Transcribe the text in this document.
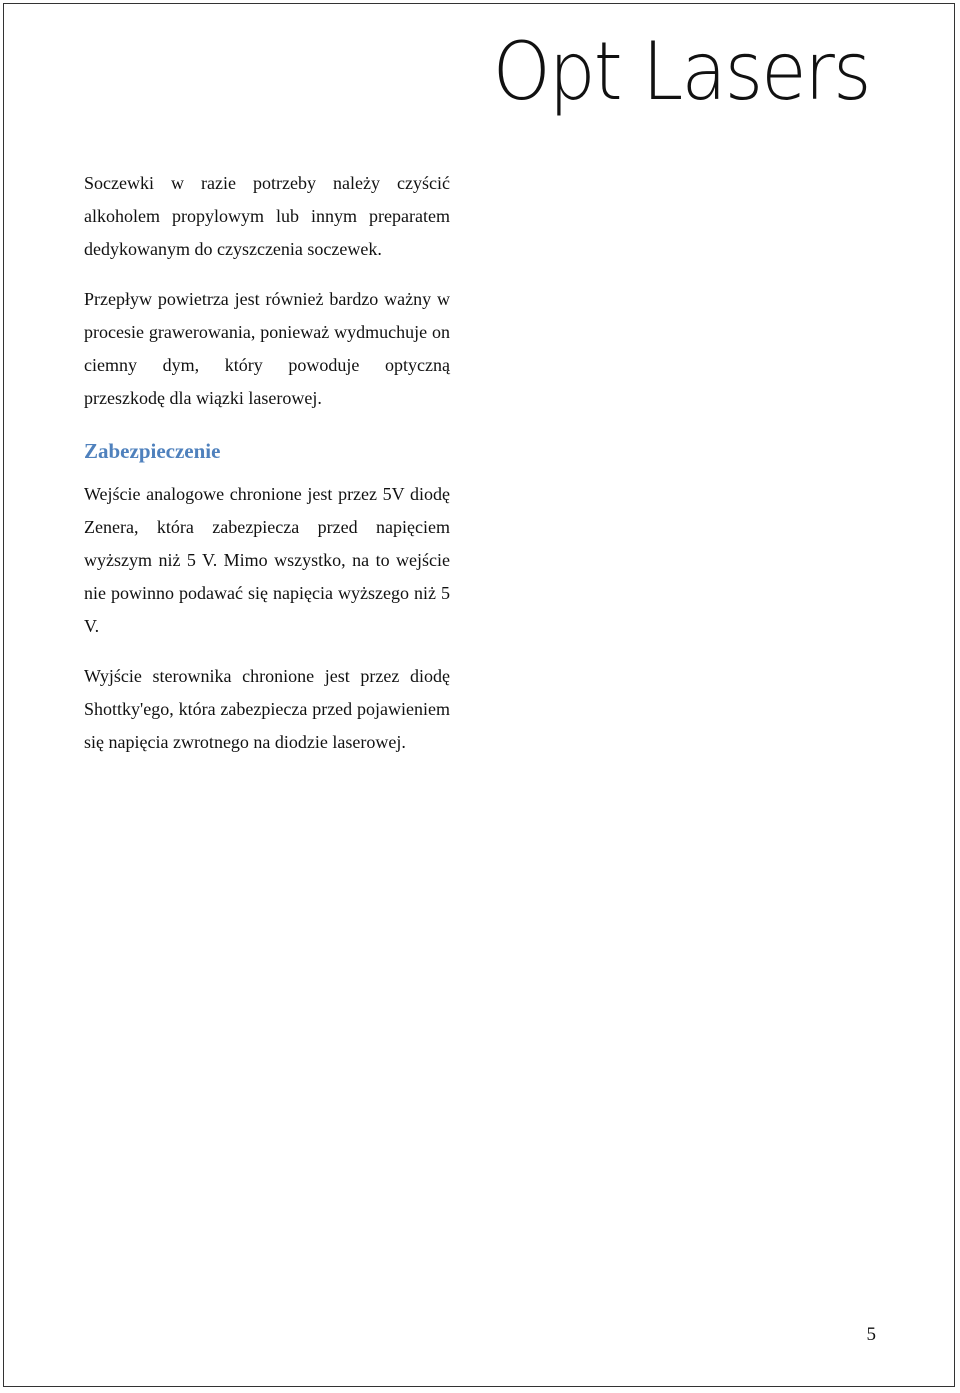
Opt Lasers

Soczewki w razie potrzeby należy czyścić alkoholem propylowym lub innym preparatem dedykowanym do czyszczenia soczewek.

Przepływ powietrza jest również bardzo ważny w procesie grawerowania, ponieważ wydmuchuje on ciemny dym, który powoduje optyczną przeszkodę dla wiązki laserowej.

Zabezpieczenie

Wejście analogowe chronione jest przez 5V diodę Zenera, która zabezpiecza przed napięciem wyższym niż 5 V. Mimo wszystko, na to wejście nie powinno podawać się napięcia wyższego niż 5 V.

Wyjście sterownika chronione jest przez diodę Shottky'ego, która zabezpiecza przed pojawieniem się napięcia zwrotnego na diodzie laserowej.

5
